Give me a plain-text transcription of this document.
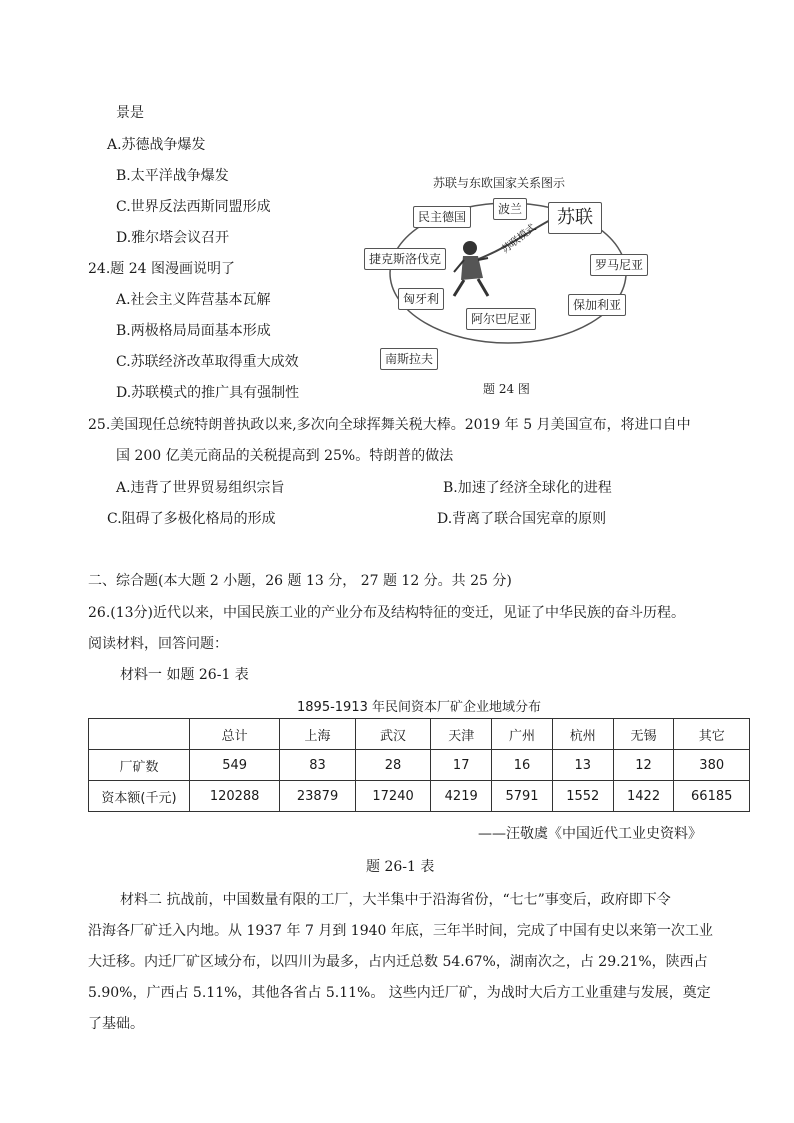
景是
A.苏德战争爆发
B.太平洋战争爆发
C.世界反法西斯同盟形成
D.雅尔塔会议召开
24.题 24 图漫画说明了
A.社会主义阵营基本瓦解
B.两极格局局面基本形成
C.苏联经济改革取得重大成效
D.苏联模式的推广具有强制性
苏联与东欧国家关系图示
民主德国
波兰	苏联
捷克斯洛伐克	罗马尼亚
匈牙利	保加利亚
阿尔巴尼亚
南斯拉夫
苏联模式
题 24 图
25.美国现任总统特朗普执政以来,多次向全球挥舞关税大棒。2019 年 5 月美国宣布，将进口自中
国 200 亿美元商品的关税提高到 25%。特朗普的做法
A.违背了世界贸易组织宗旨	B.加速了经济全球化的进程
C.阻碍了多极化格局的形成	D.背离了联合国宪章的原则
二、综合题(本大题 2 小题，26 题 13 分， 27 题 12 分。共 25 分)
26.(13分)近代以来，中国民族工业的产业分布及结构特征的变迁，见证了中华民族的奋斗历程。
阅读材料，回答问题：
材料一 如题 26-1 表
1895-1913 年民间资本厂矿企业地域分布
	总计	上海	武汉	天津	广州	杭州	无锡	其它
厂矿数	549	83	28	17	16	13	12	380
资本额(千元)	120288	23879	17240	4219	5791	1552	1422	66185
——汪敬虞《中国近代工业史资料》
题 26-1 表
材料二 抗战前，中国数量有限的工厂，大半集中于沿海省份，“七七”事变后，政府即下令
沿海各厂矿迁入内地。从 1937 年 7 月到 1940 年底，三年半时间，完成了中国有史以来第一次工业
大迁移。内迁厂矿区域分布，以四川为最多，占内迁总数 54.67%，湖南次之，占 29.21%，陕西占
5.90%，广西占 5.11%，其他各省占 5.11%。 这些内迁厂矿，为战时大后方工业重建与发展，奠定
了基础。
